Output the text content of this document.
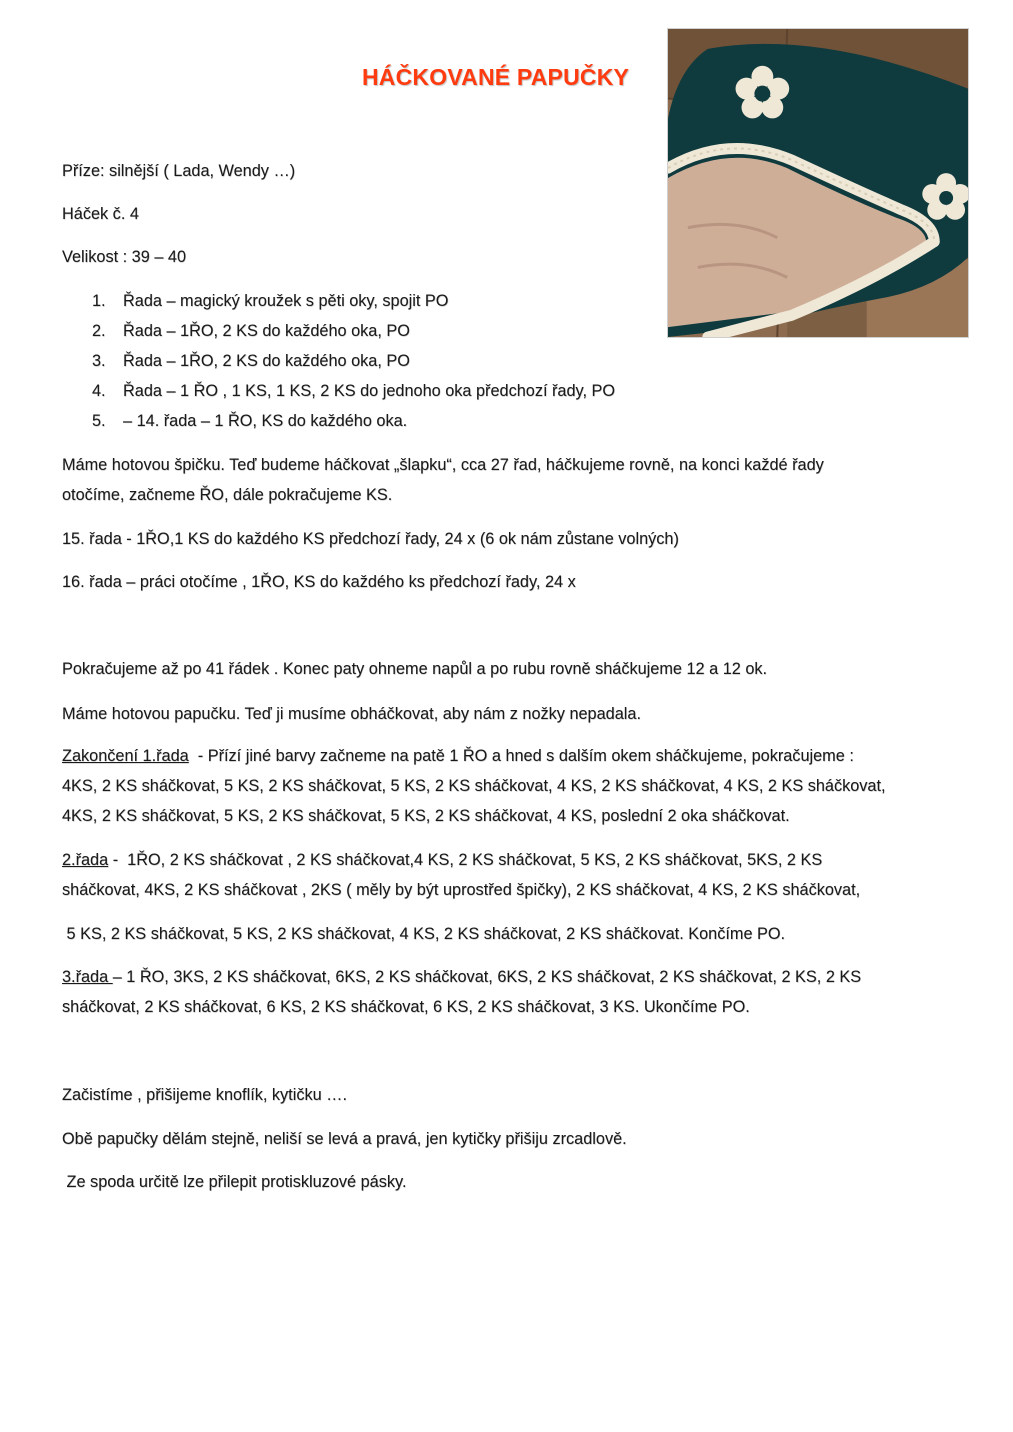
HÁČKOVANÉ PAPUČKY
Příze: silnější ( Lada, Wendy …)
Háček č. 4
Velikost : 39 – 40
1. Řada – magický kroužek s pěti oky, spojit PO
2. Řada – 1ŘO, 2 KS do každého oka, PO
3. Řada – 1ŘO, 2 KS do každého oka, PO
4. Řada – 1 ŘO , 1 KS, 1 KS, 2 KS do jednoho oka předchozí řady, PO
5. – 14. řada – 1 ŘO, KS do každého oka.
Máme hotovou špičku. Teď budeme háčkovat „šlapku“, cca 27 řad, háčkujeme rovně, na konci každé řady
otočíme, začneme ŘO, dále pokračujeme KS.
15. řada - 1ŘO,1 KS do každého KS předchozí řady, 24 x (6 ok nám zůstane volných)
16. řada – práci otočíme , 1ŘO, KS do každého ks předchozí řady, 24 x
Pokračujeme až po 41 řádek . Konec paty ohneme napůl a po rubu rovně sháčkujeme 12 a 12 ok.
Máme hotovou papučku. Teď ji musíme obháčkovat, aby nám z nožky nepadala.
Zakončení 1.řada  - Přízí jiné barvy začneme na patě 1 ŘO a hned s dalším okem sháčkujeme, pokračujeme :
4KS, 2 KS sháčkovat, 5 KS, 2 KS sháčkovat, 5 KS, 2 KS sháčkovat, 4 KS, 2 KS sháčkovat, 4 KS, 2 KS sháčkovat,
4KS, 2 KS sháčkovat, 5 KS, 2 KS sháčkovat, 5 KS, 2 KS sháčkovat, 4 KS, poslední 2 oka sháčkovat.
2.řada -  1ŘO, 2 KS sháčkovat , 2 KS sháčkovat,4 KS, 2 KS sháčkovat, 5 KS, 2 KS sháčkovat, 5KS, 2 KS
sháčkovat, 4KS, 2 KS sháčkovat , 2KS ( měly by být uprostřed špičky), 2 KS sháčkovat, 4 KS, 2 KS sháčkovat,
5 KS, 2 KS sháčkovat, 5 KS, 2 KS sháčkovat, 4 KS, 2 KS sháčkovat, 2 KS sháčkovat. Končíme PO.
3.řada – 1 ŘO, 3KS, 2 KS sháčkovat, 6KS, 2 KS sháčkovat, 6KS, 2 KS sháčkovat, 2 KS sháčkovat, 2 KS, 2 KS
sháčkovat, 2 KS sháčkovat, 6 KS, 2 KS sháčkovat, 6 KS, 2 KS sháčkovat, 3 KS. Ukončíme PO.
Začistíme , přišijeme knoflík, kytičku ….
Obě papučky dělám stejně, neliší se levá a pravá, jen kytičky přišiju zrcadlově.
Ze spoda určitě lze přilepit protiskluzové pásky.
